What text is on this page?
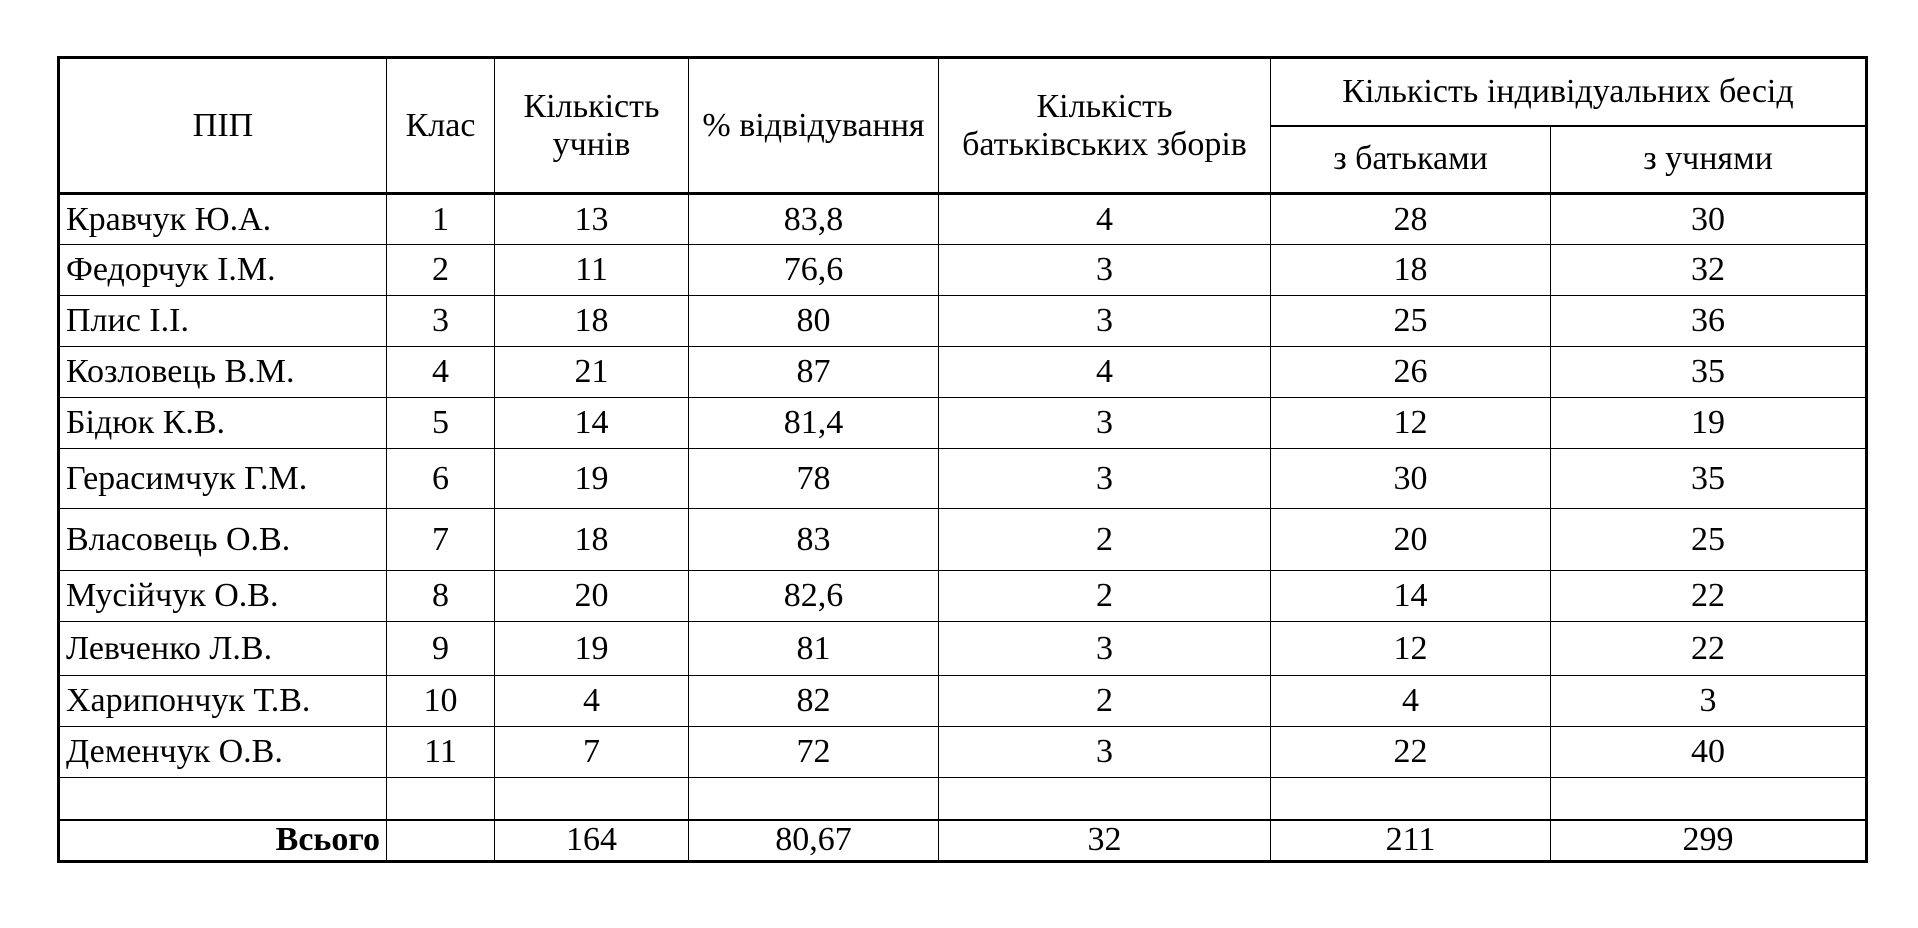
ПІП	Клас	Кількість учнів	% відвідування	Кількість батьківських зборів	Кількість індивідуальних бесід	
					з батьками	з учнями
Кравчук Ю.А.	1	13	83,8	4	28	30
Федорчук І.М.	2	11	76,6	3	18	32
Плис І.І.	3	18	80	3	25	36
Козловець В.М.	4	21	87	4	26	35
Бідюк К.В.	5	14	81,4	3	12	19
Герасимчук Г.М.	6	19	78	3	30	35
Власовець О.В.	7	18	83	2	20	25
Мусійчук О.В.	8	20	82,6	2	14	22
Левченко Л.В.	9	19	81	3	12	22
Харипончук Т.В.	10	4	82	2	4	3
Деменчук О.В.	11	7	72	3	22	40

Всього		164	80,67	32	211	299
